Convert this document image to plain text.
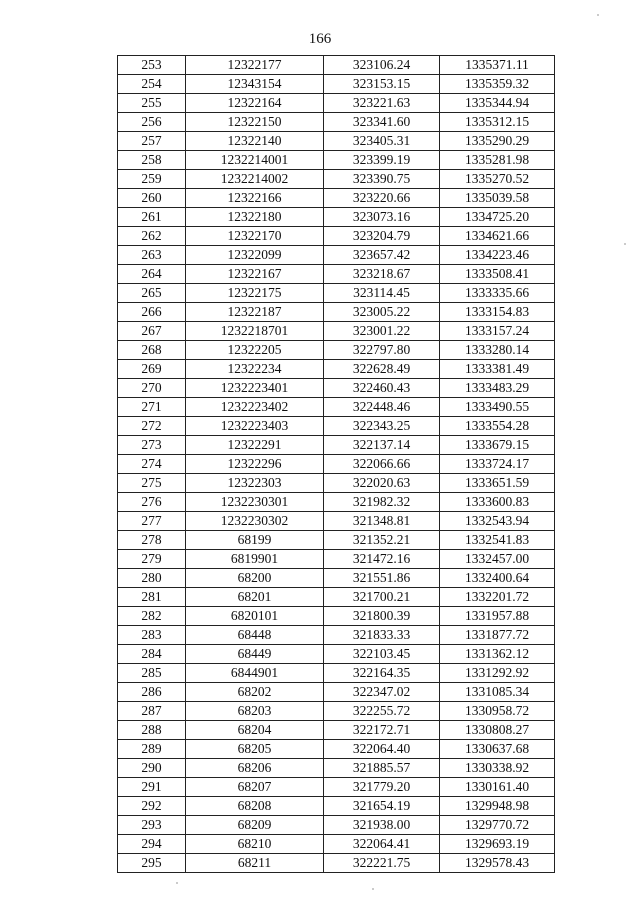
166
253	12322177	323106.24	1335371.11
254	12343154	323153.15	1335359.32
255	12322164	323221.63	1335344.94
256	12322150	323341.60	1335312.15
257	12322140	323405.31	1335290.29
258	1232214001	323399.19	1335281.98
259	1232214002	323390.75	1335270.52
260	12322166	323220.66	1335039.58
261	12322180	323073.16	1334725.20
262	12322170	323204.79	1334621.66
263	12322099	323657.42	1334223.46
264	12322167	323218.67	1333508.41
265	12322175	323114.45	1333335.66
266	12322187	323005.22	1333154.83
267	1232218701	323001.22	1333157.24
268	12322205	322797.80	1333280.14
269	12322234	322628.49	1333381.49
270	1232223401	322460.43	1333483.29
271	1232223402	322448.46	1333490.55
272	1232223403	322343.25	1333554.28
273	12322291	322137.14	1333679.15
274	12322296	322066.66	1333724.17
275	12322303	322020.63	1333651.59
276	1232230301	321982.32	1333600.83
277	1232230302	321348.81	1332543.94
278	68199	321352.21	1332541.83
279	6819901	321472.16	1332457.00
280	68200	321551.86	1332400.64
281	68201	321700.21	1332201.72
282	6820101	321800.39	1331957.88
283	68448	321833.33	1331877.72
284	68449	322103.45	1331362.12
285	6844901	322164.35	1331292.92
286	68202	322347.02	1331085.34
287	68203	322255.72	1330958.72
288	68204	322172.71	1330808.27
289	68205	322064.40	1330637.68
290	68206	321885.57	1330338.92
291	68207	321779.20	1330161.40
292	68208	321654.19	1329948.98
293	68209	321938.00	1329770.72
294	68210	322064.41	1329693.19
295	68211	322221.75	1329578.43
